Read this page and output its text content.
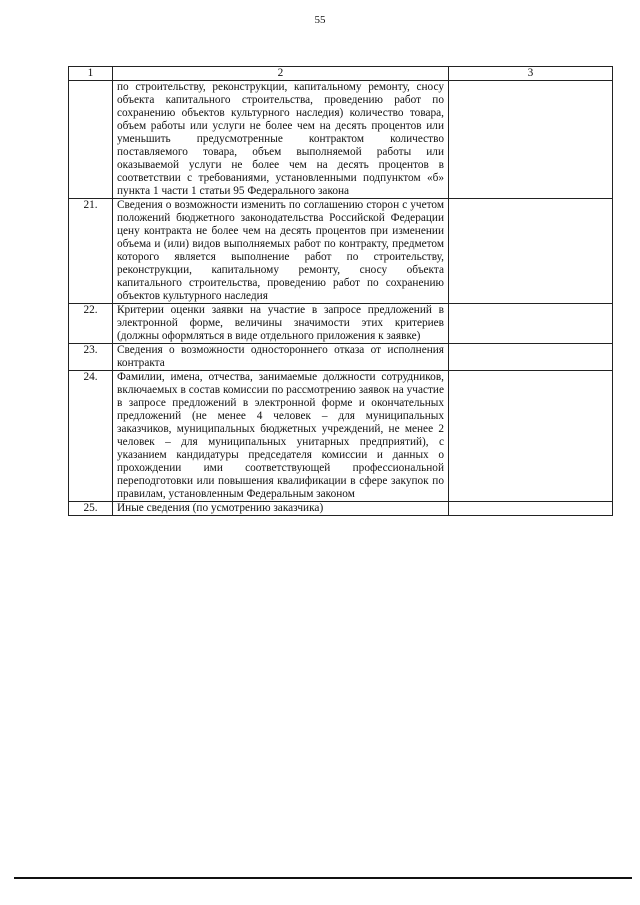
55
1	2	3
	по строительству, реконструкции, капитальному ремонту, сносу объекта капитального строительства, проведению работ по сохранению объектов культурного наследия) количество товара, объем работы или услуги не более чем на десять процентов или уменьшить предусмотренные контрактом количество поставляемого товара, объем выполняемой работы или оказываемой услуги не более чем на десять процентов в соответствии с требованиями, установленными подпунктом «б» пункта 1 части 1 статьи 95 Федерального закона	
21.	Сведения о возможности изменить по соглашению сторон с учетом положений бюджетного законодательства Российской Федерации цену контракта не более чем на десять процентов при изменении объема и (или) видов выполняемых работ по контракту, предметом которого является выполнение работ по строительству, реконструкции, капитальному ремонту, сносу объекта капитального строительства, проведению работ по сохранению объектов культурного наследия	
22.	Критерии оценки заявки на участие в запросе предложений в электронной форме, величины значимости этих критериев (должны оформляться в виде отдельного приложения к заявке)	
23.	Сведения о возможности одностороннего отказа от исполнения контракта	
24.	Фамилии, имена, отчества, занимаемые должности сотрудников, включаемых в состав комиссии по рассмотрению заявок на участие в запросе предложений в электронной форме и окончательных предложений (не менее 4 человек – для муниципальных заказчиков, муниципальных бюджетных учреждений, не менее 2 человек – для муниципальных унитарных предприятий), с указанием кандидатуры председателя комиссии и данных о прохождении ими соответствующей профессиональной переподготовки или повышения квалификации в сфере закупок по правилам, установленным Федеральным законом	
25.	Иные сведения (по усмотрению заказчика)	
